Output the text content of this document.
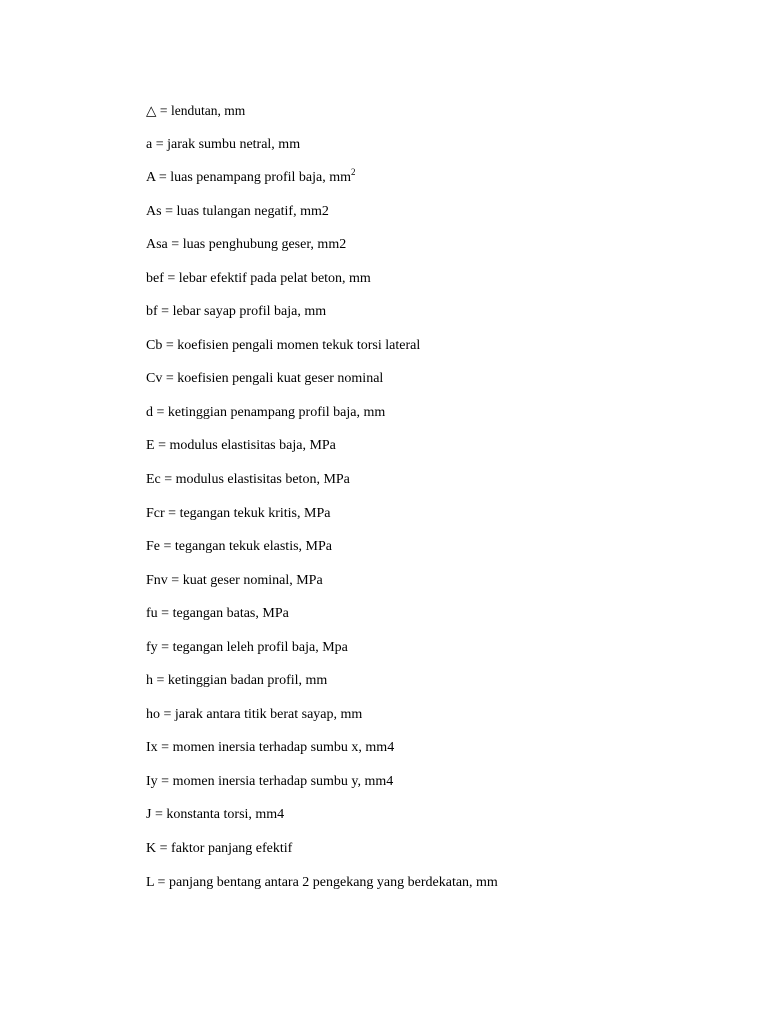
△ = lendutan, mm
a = jarak sumbu netral, mm
A = luas penampang profil baja, $mm^2$
As = luas tulangan negatif, mm2
Asa = luas penghubung geser, mm2
bef = lebar efektif pada pelat beton, mm
bf = lebar sayap profil baja, mm
Cb = koefisien pengali momen tekuk torsi lateral
Cv = koefisien pengali kuat geser nominal
d = ketinggian penampang profil baja, mm
E = modulus elastisitas baja, MPa
Ec = modulus elastisitas beton, MPa
Fcr = tegangan tekuk kritis, MPa
Fe = tegangan tekuk elastis, MPa
Fnv = kuat geser nominal, MPa
fu = tegangan batas, MPa
fy = tegangan leleh profil baja, Mpa
h = ketinggian badan profil, mm
ho = jarak antara titik berat sayap, mm
Ix = momen inersia terhadap sumbu x, mm4
Iy = momen inersia terhadap sumbu y, mm4
J = konstanta torsi, mm4
K = faktor panjang efektif
L = panjang bentang antara 2 pengekang yang berdekatan, mm
